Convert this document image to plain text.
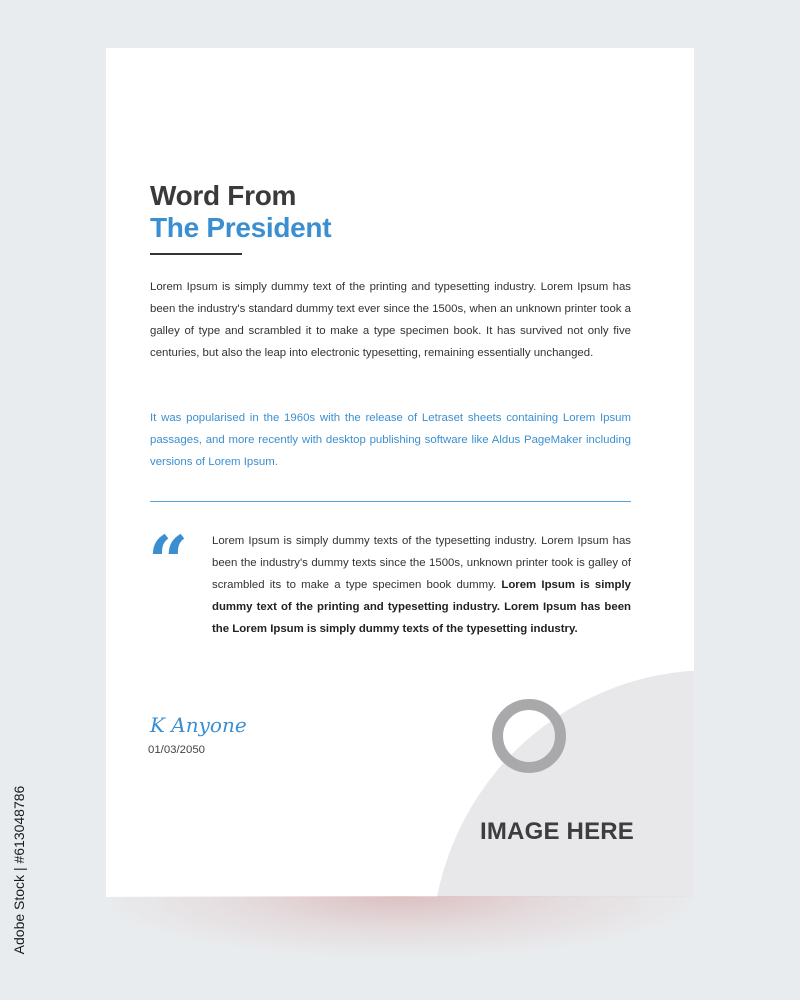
Word From
The President

Lorem Ipsum is simply dummy text of the printing and typesetting industry. Lorem Ipsum has been the industry's standard dummy text ever since the 1500s, when an unknown printer took a galley of type and scrambled it to make a type specimen book. It has survived not only five centuries, but also the leap into electronic typesetting, remaining essentially unchanged.

It was popularised in the 1960s with the release of Letraset sheets containing Lorem Ipsum passages, and more recently with desktop publishing software like Aldus PageMaker including versions of Lorem Ipsum.

“ Lorem Ipsum is simply dummy texts of the typesetting industry. Lorem Ipsum has been the industry's dummy texts since the 1500s, unknown printer took is galley of scrambled its to make a type specimen book dummy. Lorem Ipsum is simply dummy text of the printing and typesetting industry. Lorem Ipsum has been the Lorem Ipsum is simply dummy texts of the typesetting industry.

K Anyone
01/03/2050
IMAGE HERE
Adobe Stock | #613048786
